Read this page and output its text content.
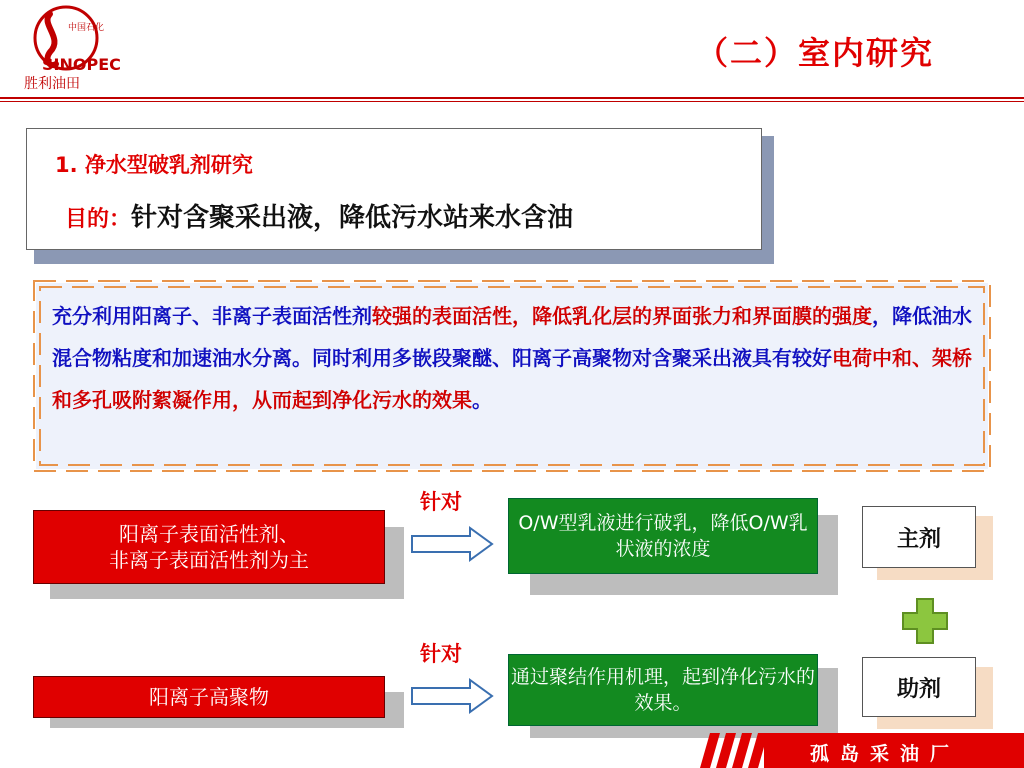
中国石化
SINOPEC
胜利油田
（二）室内研究
1. 净水型破乳剂研究
目的：针对含聚采出液，降低污水站来水含油
充分利用阳离子、非离子表面活性剂较强的表面活性，降低乳化层的界面张力和界面膜的强度，降低油水混合物粘度和加速油水分离。同时利用多嵌段聚醚、阳离子高聚物对含聚采出液具有较好电荷中和、架桥和多孔吸附絮凝作用，从而起到净化污水的效果。
阳离子表面活性剂、
非离子表面活性剂为主
针对
O/W型乳液进行破乳，降低O/W乳状液的浓度	主剂
阳离子高聚物
针对
通过聚结作用机理，起到净化污水的效果。
助剂
孤岛采油厂
